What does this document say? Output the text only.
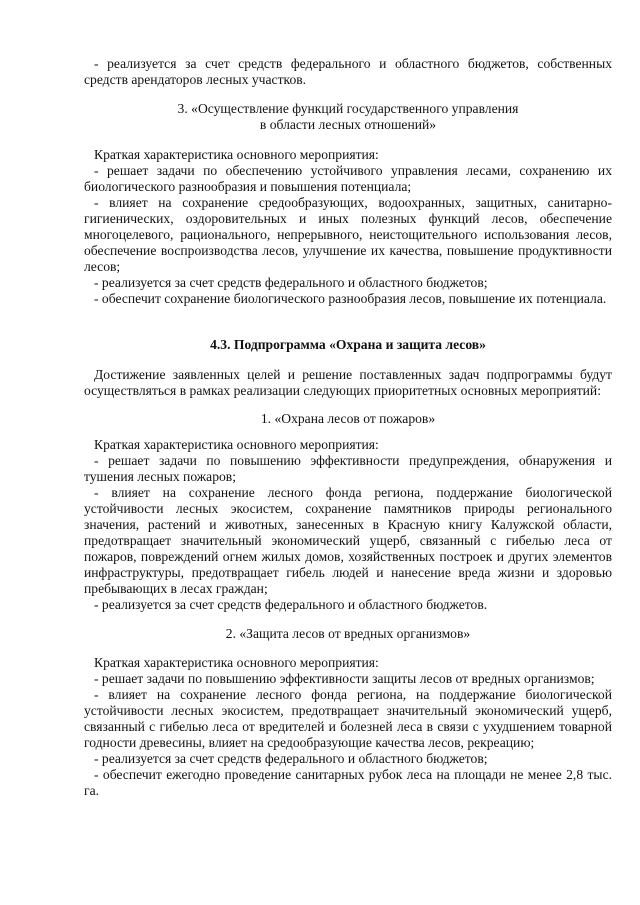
- реализуется за счет средств федерального и областного бюджетов, собственных средств арендаторов лесных участков.
3. «Осуществление функций государственного управления
в области лесных отношений»
Краткая характеристика основного мероприятия:
- решает задачи по обеспечению устойчивого управления лесами, сохранению их биологического разнообразия и повышения потенциала;
- влияет на сохранение средообразующих, водоохранных, защитных, санитарно-гигиенических, оздоровительных и иных полезных функций лесов, обеспечение многоцелевого, рационального, непрерывного, неистощительного использования лесов, обеспечение воспроизводства лесов, улучшение их качества, повышение продуктивности лесов;
- реализуется за счет средств федерального и областного бюджетов;
- обеспечит сохранение биологического разнообразия лесов, повышение их потенциала.
4.3. Подпрограмма «Охрана и защита лесов»
Достижение заявленных целей и решение поставленных задач подпрограммы будут осуществляться в рамках реализации следующих приоритетных основных мероприятий:
1. «Охрана лесов от пожаров»
Краткая характеристика основного мероприятия:
- решает задачи по повышению эффективности предупреждения, обнаружения и тушения лесных пожаров;
- влияет на сохранение лесного фонда региона, поддержание биологической устойчивости лесных экосистем, сохранение памятников природы регионального значения, растений и животных, занесенных в Красную книгу Калужской области, предотвращает значительный экономический ущерб, связанный с гибелью леса от пожаров, повреждений огнем жилых домов, хозяйственных построек и других элементов инфраструктуры, предотвращает гибель людей и нанесение вреда жизни и здоровью пребывающих в лесах граждан;
- реализуется за счет средств федерального и областного бюджетов.
2. «Защита лесов от вредных организмов»
Краткая характеристика основного мероприятия:
- решает задачи по повышению эффективности защиты лесов от вредных организмов;
- влияет на сохранение лесного фонда региона, на поддержание биологической устойчивости лесных экосистем, предотвращает значительный экономический ущерб, связанный с гибелью леса от вредителей и болезней леса в связи с ухудшением товарной годности древесины, влияет на средообразующие качества лесов, рекреацию;
- реализуется за счет средств федерального и областного бюджетов;
- обеспечит ежегодно проведение санитарных рубок леса на площади не менее 2,8 тыс. га.
